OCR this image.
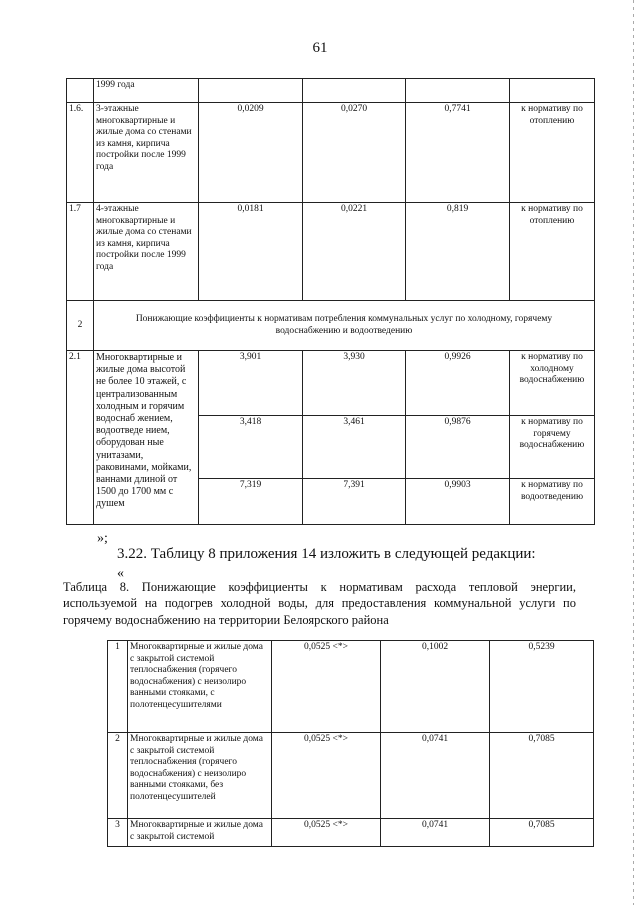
61
	1999 года				
1.6.	3-этажные многоквартирные и жилые дома со стенами из камня, кирпича постройки после 1999 года	0,0209	0,0270	0,7741	к нормативу по отоплению
1.7	4-этажные многоквартирные и жилые дома со стенами из камня, кирпича постройки после 1999 года	0,0181	0,0221	0,819	к нормативу по отоплению
2	Понижающие коэффициенты к нормативам потребления коммунальных услуг по холодному, горячему водоснабжению и водоотведению				
2.1	Многоквартирные и жилые дома высотой не более 10 этажей, с централизованным холодным и горячим водоснаб жением, водоотведе нием, оборудован ные унитазами, раковинами, мойками, ваннами длиной от 1500 до 1700 мм с душем	3,901	3,930	0,9926	к нормативу по холодному водоснабжению
		3,418	3,461	0,9876	к нормативу по горячему водоснабжению
		7,319	7,391	0,9903	к нормативу по водоотведению
»;
3.22. Таблицу 8 приложения 14 изложить в следующей редакции:
«
Таблица 8. Понижающие коэффициенты к нормативам расхода тепловой энергии, используемой на подогрев холодной воды, для предоставления коммунальной услуги по горячему водоснабжению на территории Белоярского района
1	Многоквартирные и жилые дома с закрытой системой теплоснабжения (горячего водоснабжения) с неизолиро ванными стояками, с полотенцесушителями	0,0525 <*>	0,1002	0,5239
2	Многоквартирные и жилые дома с закрытой системой теплоснабжения (горячего водоснабжения) с неизолиро ванными стояками, без полотенцесушителей	0,0525 <*>	0,0741	0,7085
3	Многоквартирные и жилые дома с закрытой системой	0,0525 <*>	0,0741	0,7085
